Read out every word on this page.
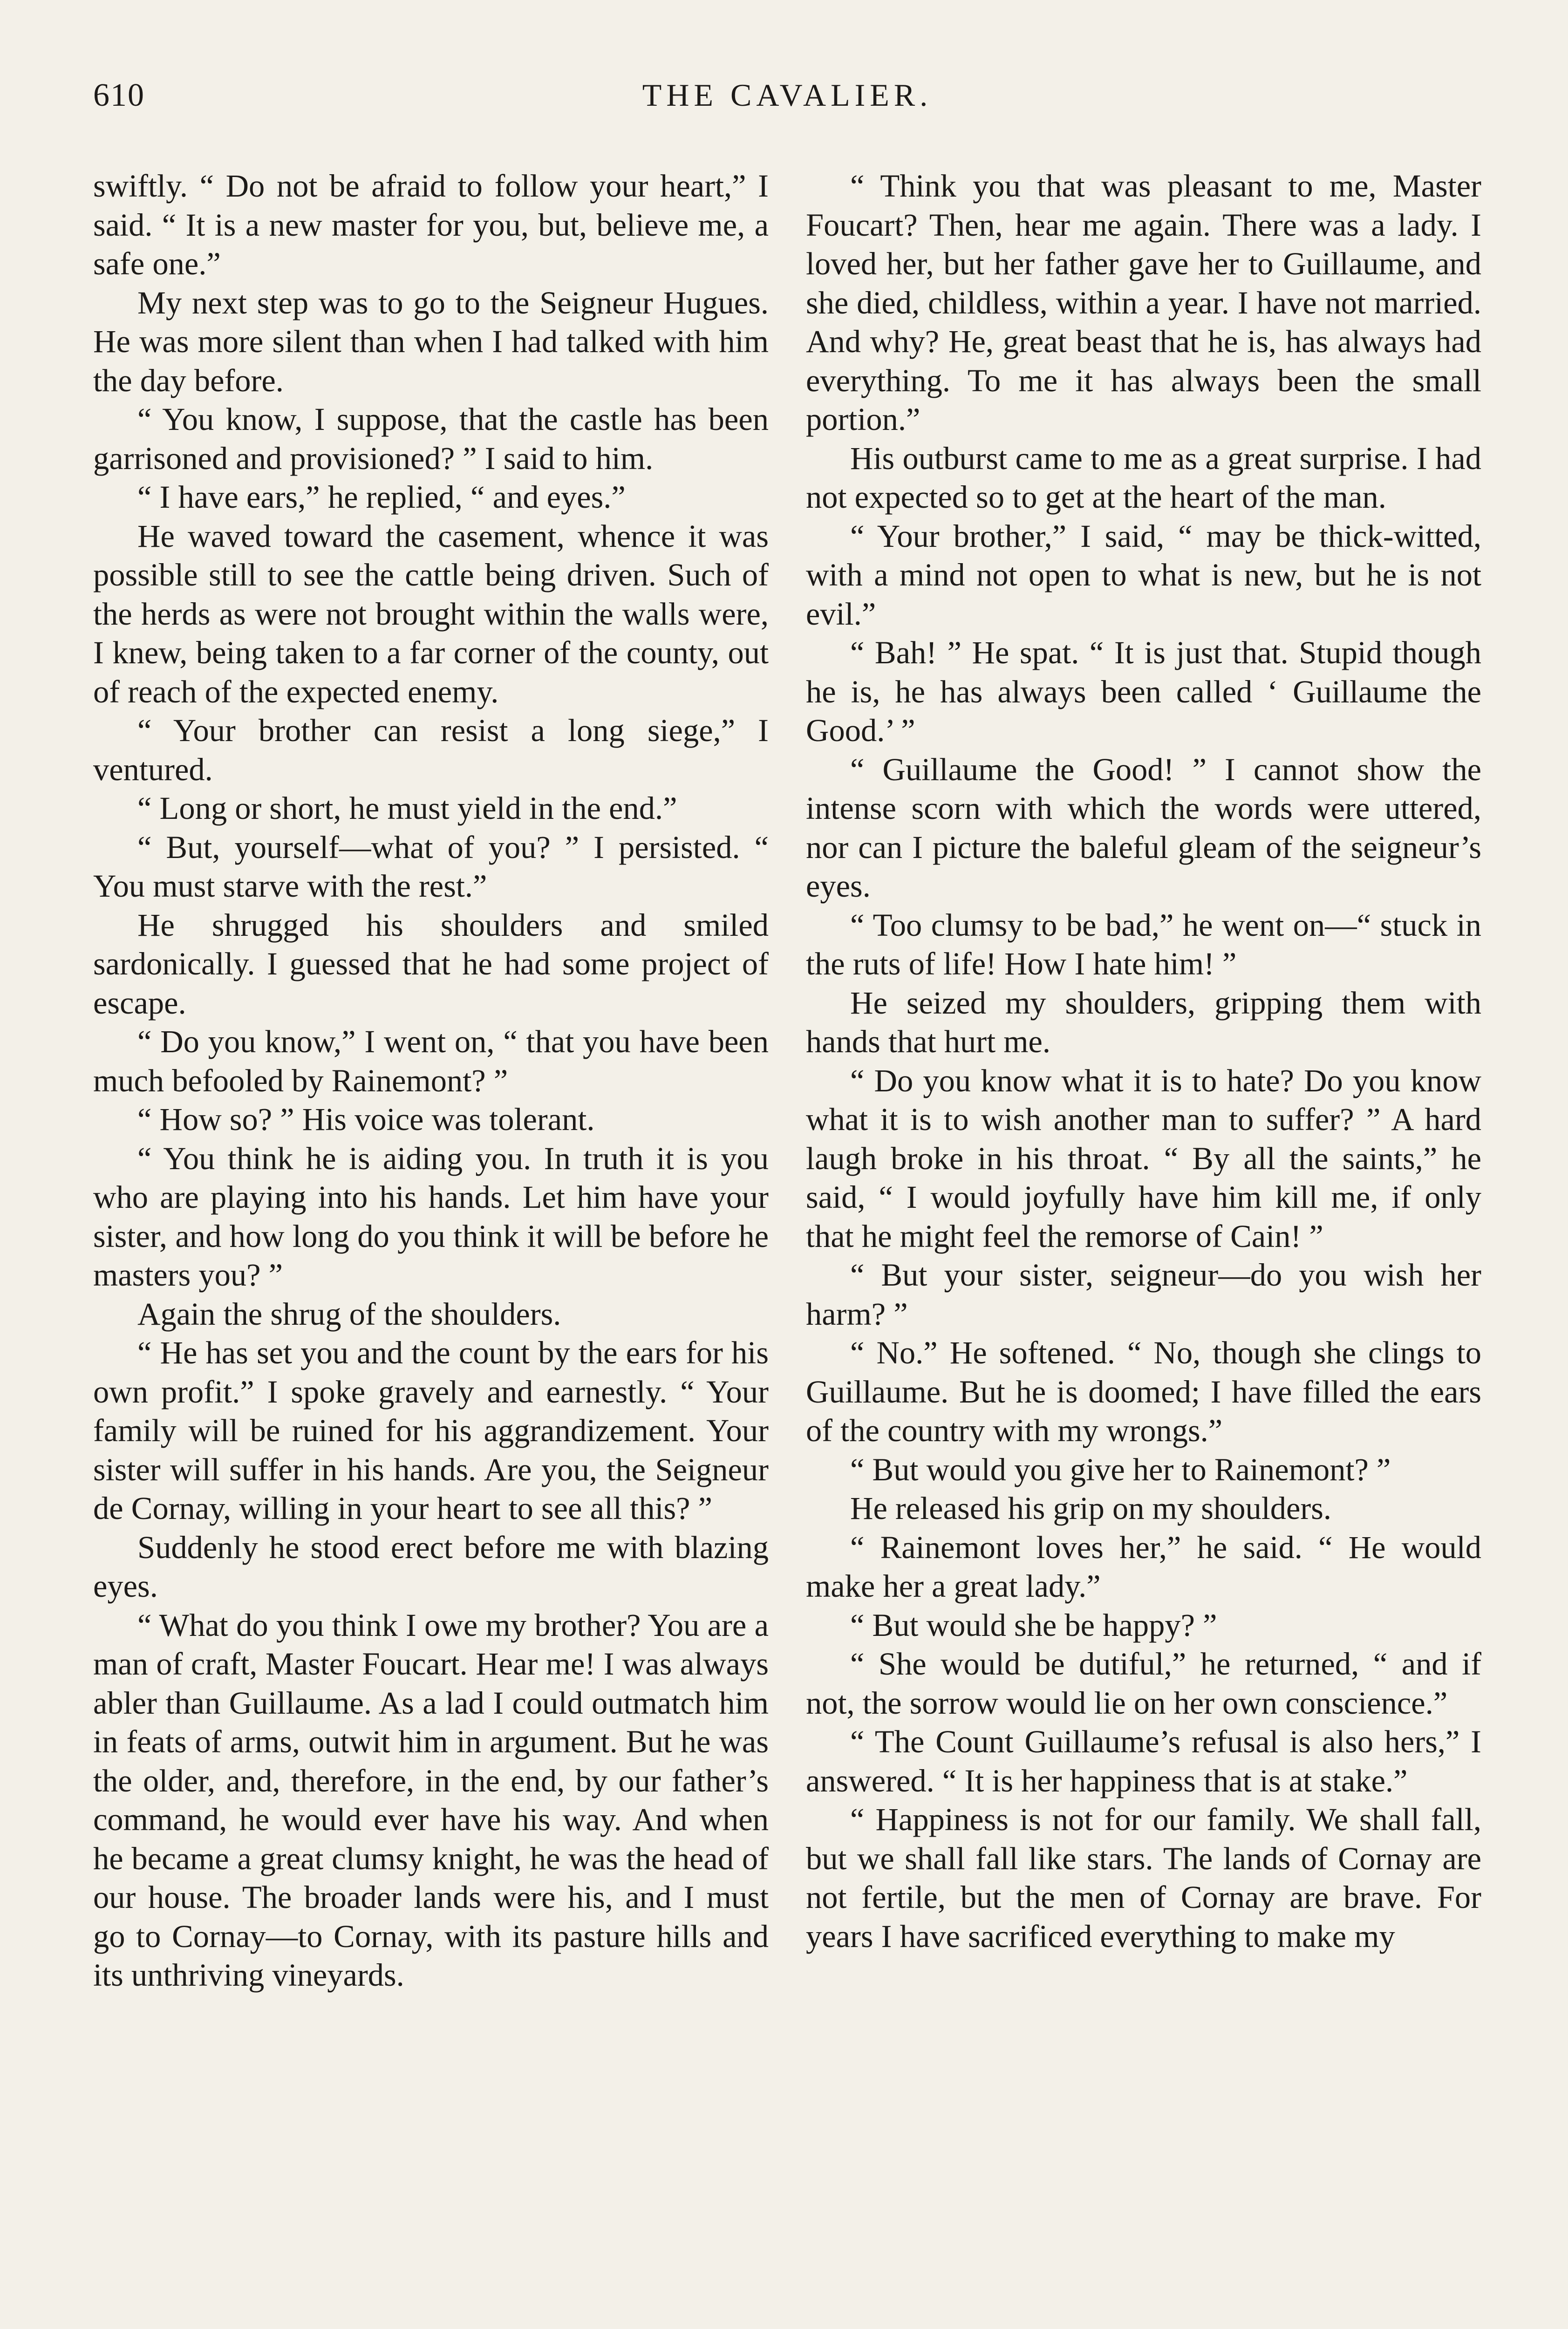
610	THE CAVALIER.

swiftly. “ Do not be afraid to follow your heart,” I said. “ It is a new master for you, but, believe me, a safe one.”

My next step was to go to the Seigneur Hugues. He was more silent than when I had talked with him the day before.

“ You know, I suppose, that the castle has been garrisoned and provisioned? ” I said to him.

“ I have ears,” he replied, “ and eyes.”

He waved toward the casement, whence it was possible still to see the cattle being driven. Such of the herds as were not brought within the walls were, I knew, being taken to a far corner of the county, out of reach of the expected enemy.

“ Your brother can resist a long siege,” I ventured.

“ Long or short, he must yield in the end.”

“ But, yourself—what of you? ” I persisted. “ You must starve with the rest.”

He shrugged his shoulders and smiled sardonically. I guessed that he had some project of escape.

“ Do you know,” I went on, “ that you have been much befooled by Rainemont? ”

“ How so? ” His voice was tolerant.

“ You think he is aiding you. In truth it is you who are playing into his hands. Let him have your sister, and how long do you think it will be before he masters you? ”

Again the shrug of the shoulders.

“ He has set you and the count by the ears for his own profit.” I spoke gravely and earnestly. “ Your family will be ruined for his aggrandizement. Your sister will suffer in his hands. Are you, the Seigneur de Cornay, willing in your heart to see all this? ”

Suddenly he stood erect before me with blazing eyes.

“ What do you think I owe my brother? You are a man of craft, Master Foucart. Hear me! I was always abler than Guillaume. As a lad I could outmatch him in feats of arms, outwit him in argument. But he was the older, and, therefore, in the end, by our father’s command, he would ever have his way. And when he became a great clumsy knight, he was the head of our house. The broader lands were his, and I must go to Cornay—to Cornay, with its pasture hills and its unthriving vineyards.

“ Think you that was pleasant to me, Master Foucart? Then, hear me again. There was a lady. I loved her, but her father gave her to Guillaume, and she died, childless, within a year. I have not married. And why? He, great beast that he is, has always had everything. To me it has always been the small portion.”

His outburst came to me as a great surprise. I had not expected so to get at the heart of the man.

“ Your brother,” I said, “ may be thick-witted, with a mind not open to what is new, but he is not evil.”

“ Bah! ” He spat. “ It is just that. Stupid though he is, he has always been called ‘ Guillaume the Good.’ ”

“ Guillaume the Good! ” I cannot show the intense scorn with which the words were uttered, nor can I picture the baleful gleam of the seigneur’s eyes.

“ Too clumsy to be bad,” he went on—“ stuck in the ruts of life! How I hate him! ”

He seized my shoulders, gripping them with hands that hurt me.

“ Do you know what it is to hate? Do you know what it is to wish another man to suffer? ” A hard laugh broke in his throat. “ By all the saints,” he said, “ I would joyfully have him kill me, if only that he might feel the remorse of Cain! ”

“ But your sister, seigneur—do you wish her harm? ”

“ No.” He softened. “ No, though she clings to Guillaume. But he is doomed; I have filled the ears of the country with my wrongs.”

“ But would you give her to Rainemont? ”

He released his grip on my shoulders.

“ Rainemont loves her,” he said. “ He would make her a great lady.”

“ But would she be happy? ”

“ She would be dutiful,” he returned, “ and if not, the sorrow would lie on her own conscience.”

“ The Count Guillaume’s refusal is also hers,” I answered. “ It is her happiness that is at stake.”

“ Happiness is not for our family. We shall fall, but we shall fall like stars. The lands of Cornay are not fertile, but the men of Cornay are brave. For years I have sacrificed everything to make my
